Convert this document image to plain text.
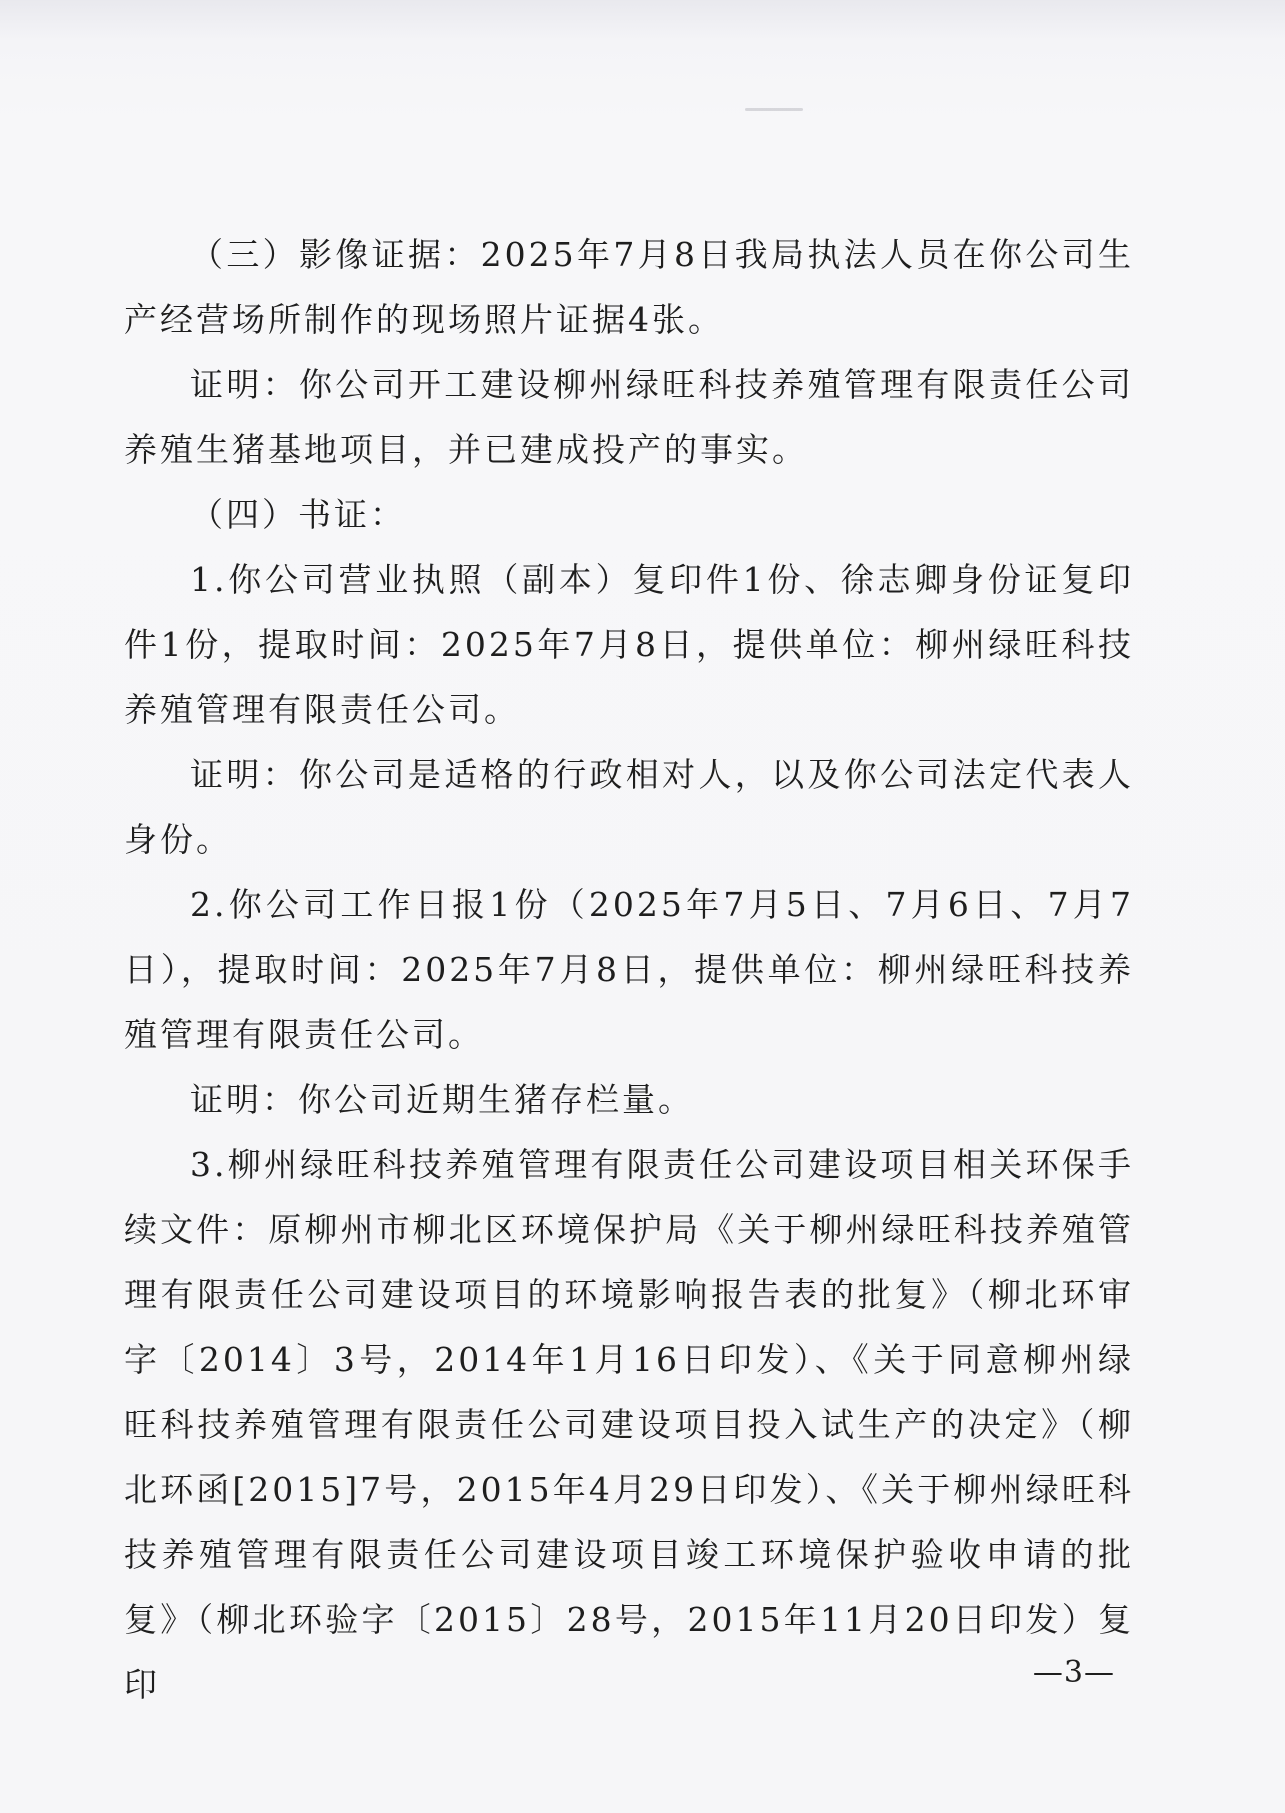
（三）影像证据：2025年7月8日我局执法人员在你公司生产经营场所制作的现场照片证据4张。

证明：你公司开工建设柳州绿旺科技养殖管理有限责任公司养殖生猪基地项目，并已建成投产的事实。

（四）书证：

1.你公司营业执照（副本）复印件1份、徐志卿身份证复印件1份，提取时间：2025年7月8日，提供单位：柳州绿旺科技养殖管理有限责任公司。

证明：你公司是适格的行政相对人，以及你公司法定代表人身份。

2.你公司工作日报1份（2025年7月5日、7月6日、7月7日），提取时间：2025年7月8日，提供单位：柳州绿旺科技养殖管理有限责任公司。

证明：你公司近期生猪存栏量。

3.柳州绿旺科技养殖管理有限责任公司建设项目相关环保手续文件：原柳州市柳北区环境保护局《关于柳州绿旺科技养殖管理有限责任公司建设项目的环境影响报告表的批复》（柳北环审字〔2014〕3号，2014年1月16日印发）、《关于同意柳州绿旺科技养殖管理有限责任公司建设项目投入试生产的决定》（柳北环函[2015]7号，2015年4月29日印发）、《关于柳州绿旺科技养殖管理有限责任公司建设项目竣工环境保护验收申请的批复》（柳北环验字〔2015〕28号，2015年11月20日印发）复印	—3—
